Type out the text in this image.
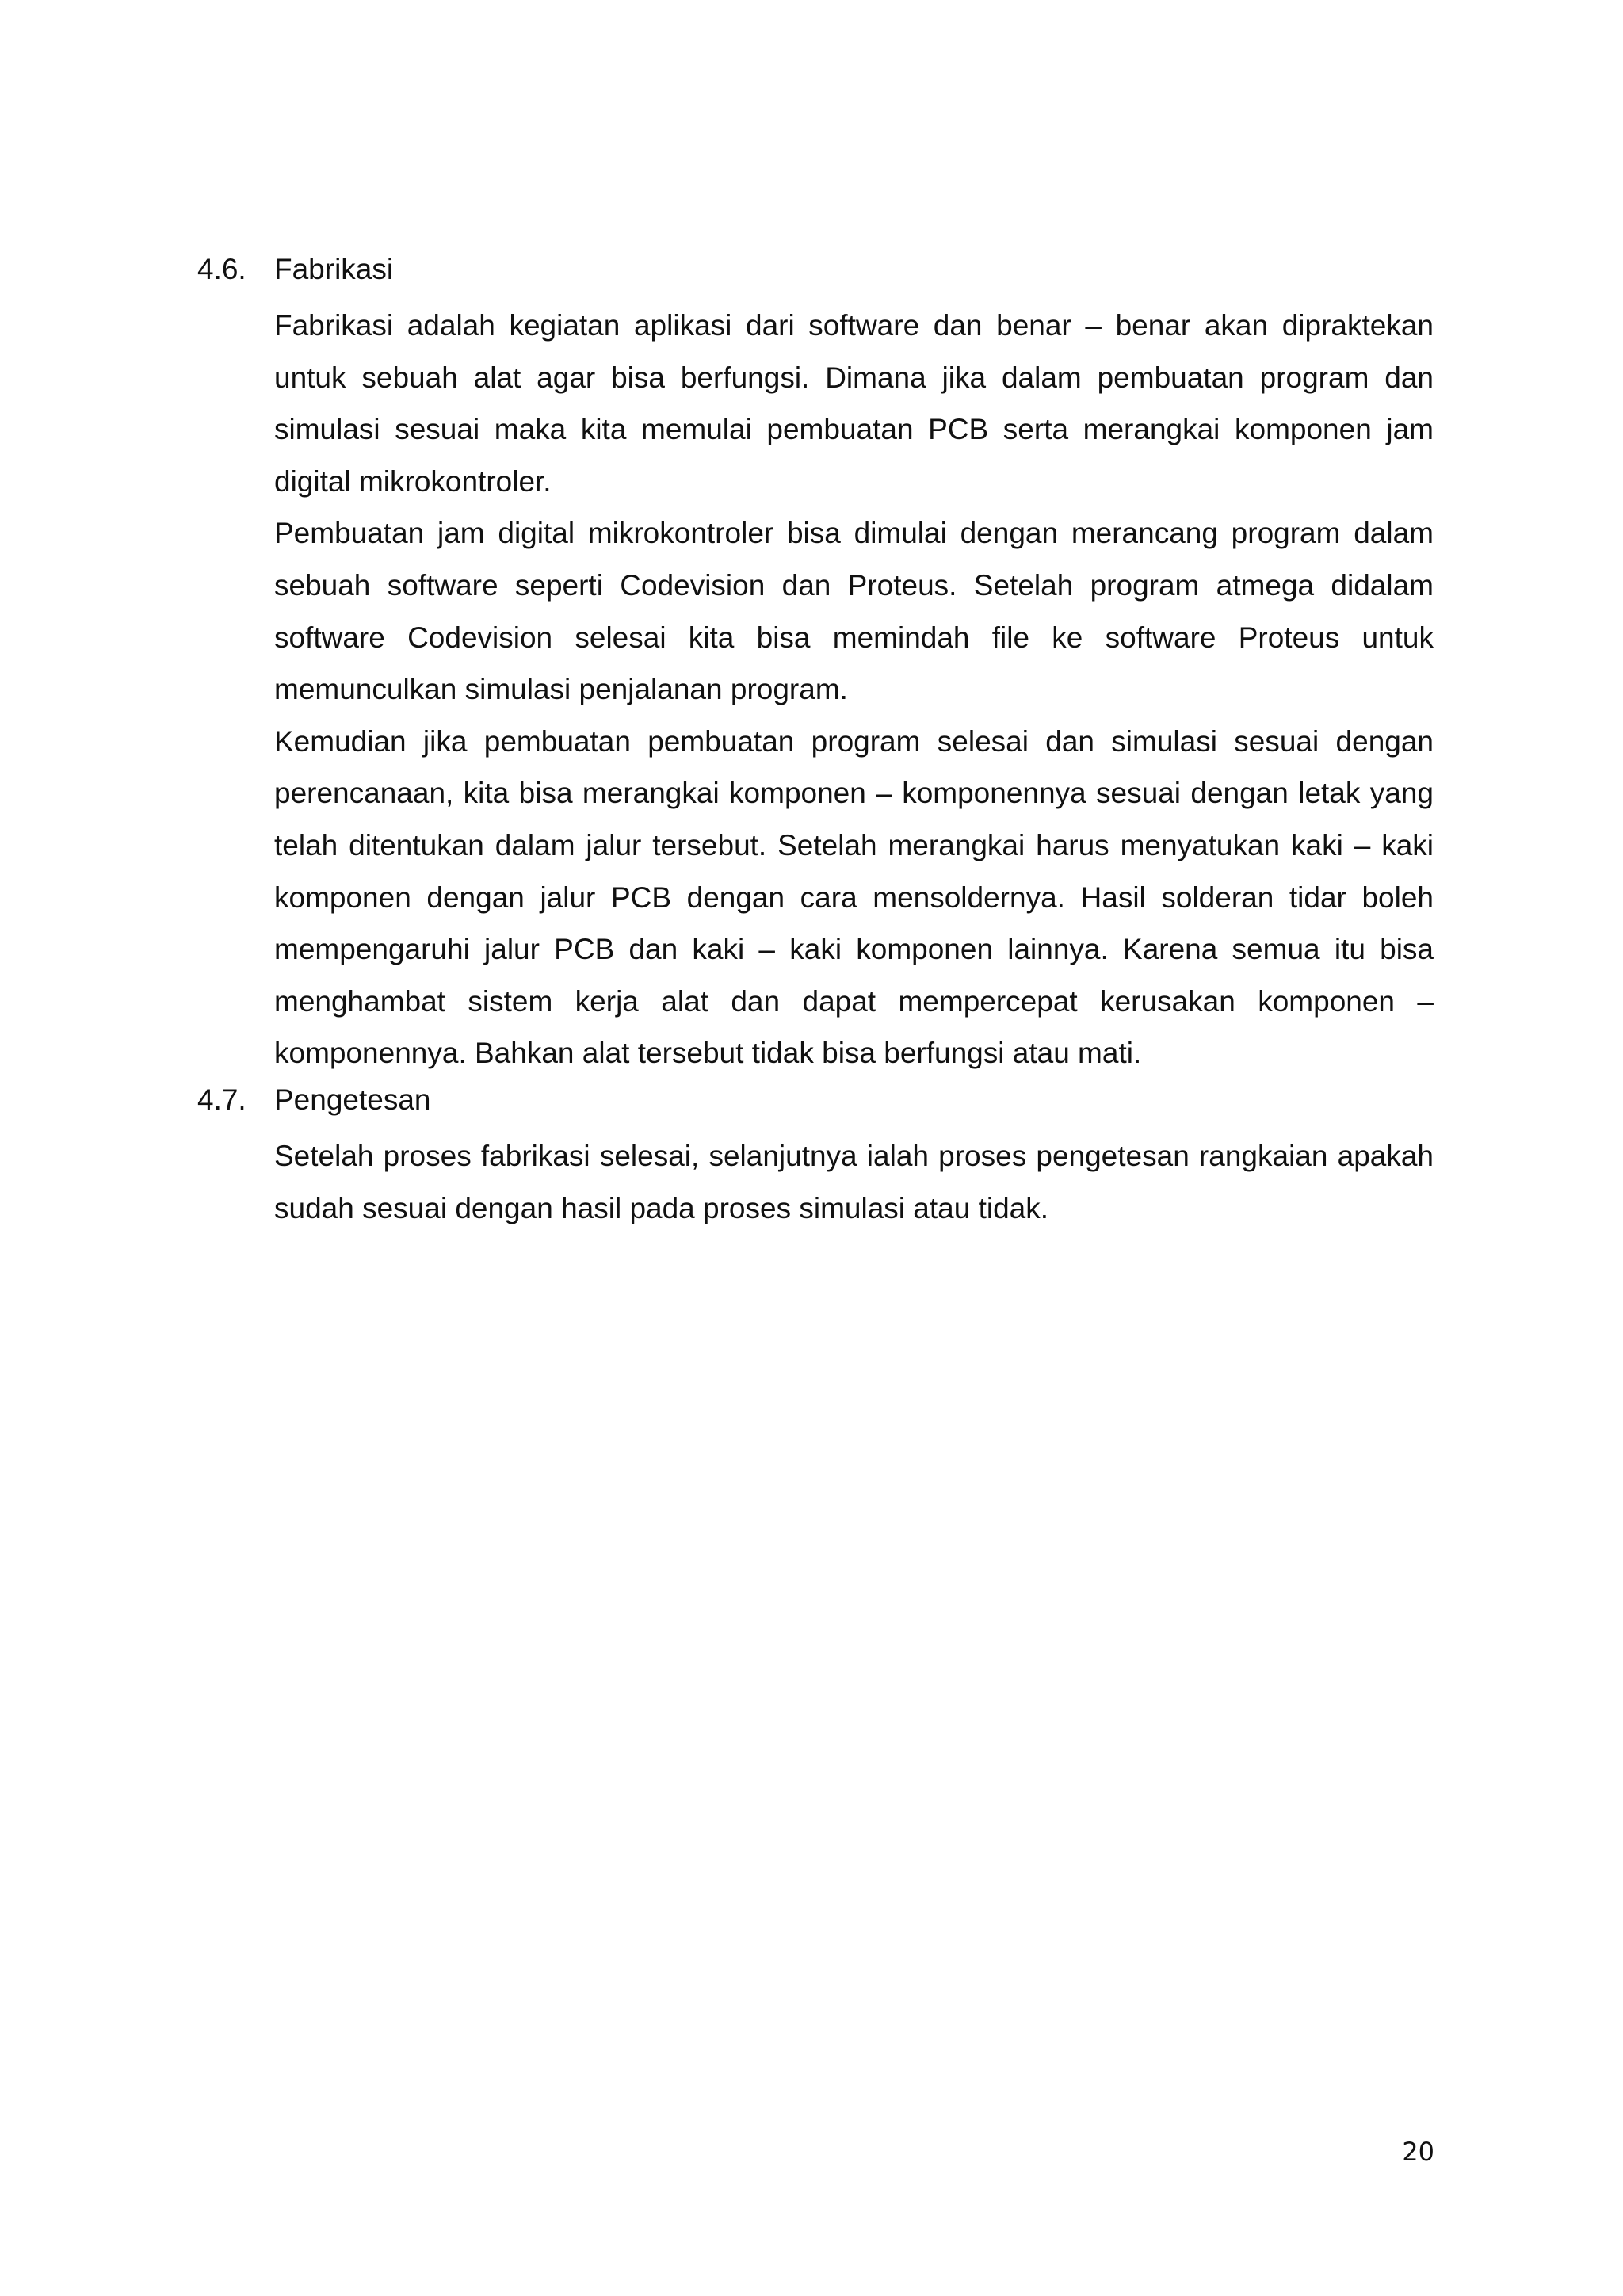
4.6. Fabrikasi

Fabrikasi adalah kegiatan aplikasi dari software dan benar – benar akan dipraktekan untuk sebuah alat agar bisa berfungsi. Dimana jika dalam pembuatan program dan simulasi sesuai maka kita memulai pembuatan PCB serta merangkai komponen jam digital mikrokontroler.

Pembuatan jam digital mikrokontroler bisa dimulai dengan merancang program dalam sebuah software seperti Codevision dan Proteus. Setelah program atmega didalam software Codevision selesai kita bisa memindah file ke software Proteus untuk memunculkan simulasi penjalanan program.

Kemudian jika pembuatan pembuatan program selesai dan simulasi sesuai dengan perencanaan, kita bisa merangkai komponen – komponennya sesuai dengan letak yang telah ditentukan dalam jalur tersebut. Setelah merangkai harus menyatukan kaki – kaki komponen dengan jalur PCB dengan cara mensoldernya. Hasil solderan tidar boleh mempengaruhi jalur PCB dan kaki – kaki komponen lainnya. Karena semua itu bisa menghambat sistem kerja alat dan dapat mempercepat kerusakan komponen – komponennya. Bahkan alat tersebut tidak bisa berfungsi atau mati.

4.7. Pengetesan

Setelah proses fabrikasi selesai, selanjutnya ialah proses pengetesan rangkaian apakah sudah sesuai dengan hasil pada proses simulasi atau tidak.

20
